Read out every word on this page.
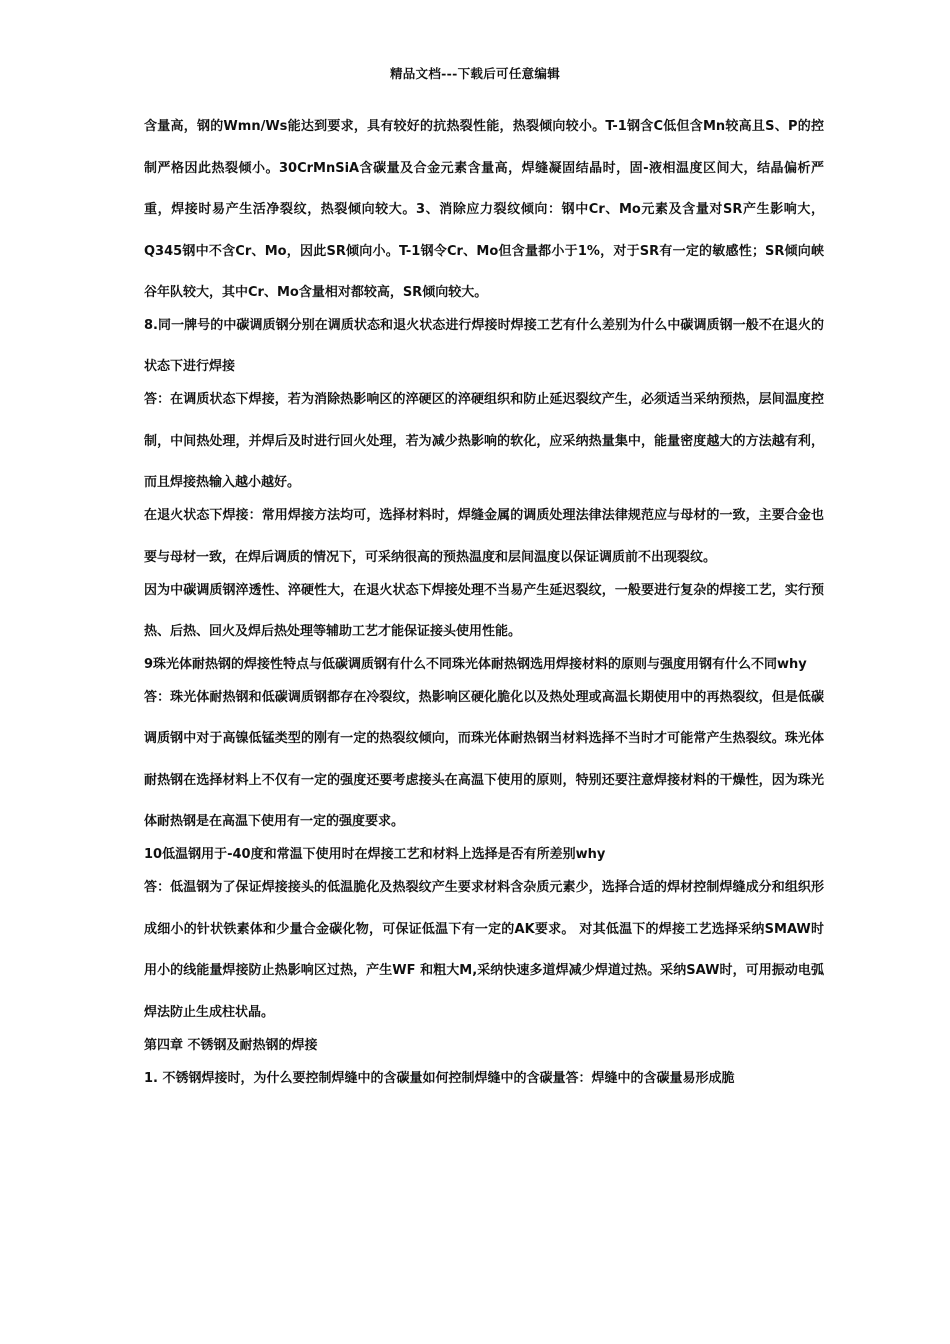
精品文档---下载后可任意编辑

含量高，钢的Wmn/Ws能达到要求，具有较好的抗热裂性能，热裂倾向较小。T-1钢含C低但含Mn较高且S、P的控制严格因此热裂倾小。30CrMnSiA含碳量及合金元素含量高，焊缝凝固结晶时，固-液相温度区间大，结晶偏析严重，焊接时易产生活净裂纹，热裂倾向较大。3、消除应力裂纹倾向：钢中Cr、Mo元素及含量对SR产生影响大，Q345钢中不含Cr、Mo，因此SR倾向小。T-1钢令Cr、Mo但含量都小于1%，对于SR有一定的敏感性；SR倾向峡谷年队较大，其中Cr、Mo含量相对都较高，SR倾向较大。

8.同一牌号的中碳调质钢分别在调质状态和退火状态进行焊接时焊接工艺有什么差别为什么中碳调质钢一般不在退火的状态下进行焊接

答：在调质状态下焊接，若为消除热影响区的淬硬区的淬硬组织和防止延迟裂纹产生，必须适当采纳预热，层间温度控制，中间热处理，并焊后及时进行回火处理，若为减少热影响的软化，应采纳热量集中，能量密度越大的方法越有利，而且焊接热输入越小越好。

在退火状态下焊接：常用焊接方法均可，选择材料时，焊缝金属的调质处理法律法律规范应与母材的一致，主要合金也要与母材一致，在焊后调质的情况下，可采纳很高的预热温度和层间温度以保证调质前不出现裂纹。

因为中碳调质钢淬透性、淬硬性大，在退火状态下焊接处理不当易产生延迟裂纹，一般要进行复杂的焊接工艺，实行预热、后热、回火及焊后热处理等辅助工艺才能保证接头使用性能。

9珠光体耐热钢的焊接性特点与低碳调质钢有什么不同珠光体耐热钢选用焊接材料的原则与强度用钢有什么不同why

答：珠光体耐热钢和低碳调质钢都存在冷裂纹，热影响区硬化脆化以及热处理或高温长期使用中的再热裂纹，但是低碳调质钢中对于高镍低锰类型的刚有一定的热裂纹倾向，而珠光体耐热钢当材料选择不当时才可能常产生热裂纹。珠光体耐热钢在选择材料上不仅有一定的强度还要考虑接头在高温下使用的原则，特别还要注意焊接材料的干燥性，因为珠光体耐热钢是在高温下使用有一定的强度要求。

10低温钢用于-40度和常温下使用时在焊接工艺和材料上选择是否有所差别why

答：低温钢为了保证焊接接头的低温脆化及热裂纹产生要求材料含杂质元素少，选择合适的焊材控制焊缝成分和组织形成细小的针状铁素体和少量合金碳化物，可保证低温下有一定的AK要求。 对其低温下的焊接工艺选择采纳SMAW时用小的线能量焊接防止热影响区过热，产生WF 和粗大M,采纳快速多道焊减少焊道过热。采纳SAW时，可用振动电弧焊法防止生成柱状晶。

第四章 不锈钢及耐热钢的焊接

1. 不锈钢焊接时，为什么要控制焊缝中的含碳量如何控制焊缝中的含碳量答：焊缝中的含碳量易形成脆
